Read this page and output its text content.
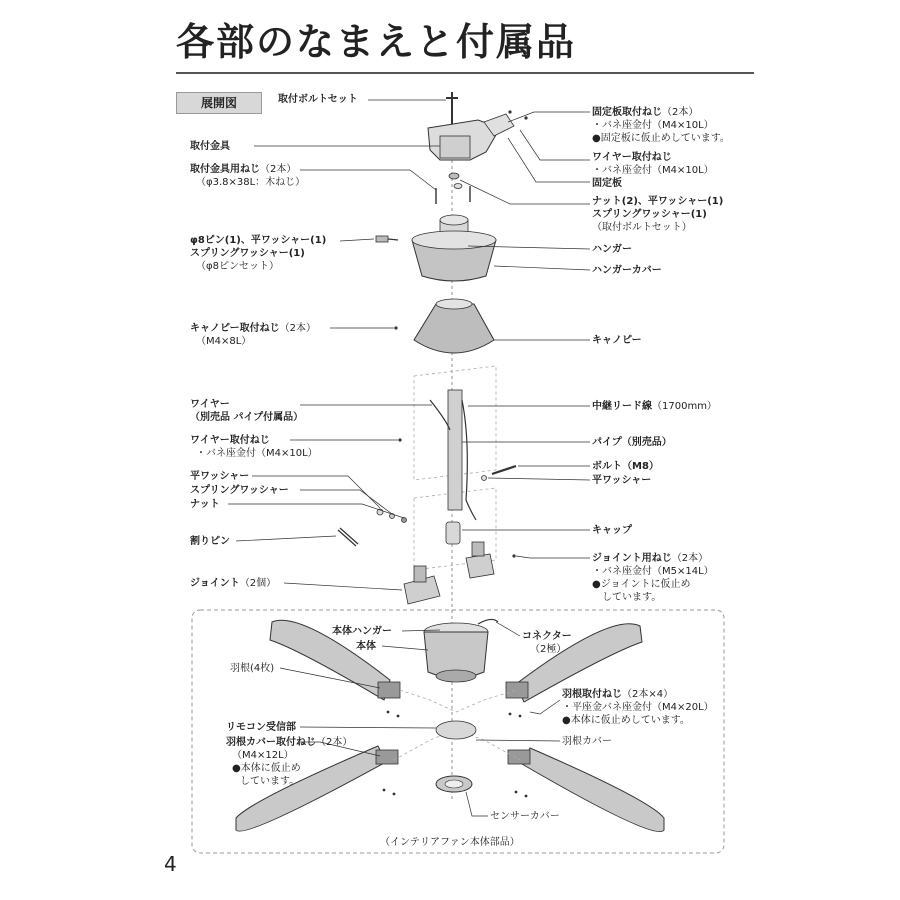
各部のなまえと付属品
展開図	取付ボルトセット
取付金具
取付金具用ねじ（2本）
（φ3.8×38L：木ねじ）
φ8ピン(1)、平ワッシャー(1)
スプリングワッシャー(1)
（φ8ピンセット）
キャノピー取付ねじ（2本）
（M4×8L）
ワイヤー
（別売品 パイプ付属品）
ワイヤー取付ねじ
・バネ座金付（M4×10L）
平ワッシャー
スプリングワッシャー
ナット
割りピン
ジョイント（2個）
固定板取付ねじ（2本）
・バネ座金付（M4×10L）
●固定板に仮止めしています。
ワイヤー取付ねじ
・バネ座金付（M4×10L）
固定板
ナット(2)、平ワッシャー(1)
スプリングワッシャー(1)
（取付ボルトセット）
ハンガー
ハンガーカバー
キャノピー
中継リード線（1700mm）
パイプ（別売品）
ボルト（M8）
平ワッシャー
キャップ
ジョイント用ねじ（2本）
・バネ座金付（M5×14L）
●ジョイントに仮止め
しています。
本体ハンガー
本体
コネクター
（2極）
羽根(4枚)
羽根取付ねじ（2本×4）
・平座金バネ座金付（M4×20L）
●本体に仮止めしています。
リモコン受信部
羽根カバー取付ねじ（2本）
（M4×12L）
●本体に仮止め
しています。
羽根カバー
センサーカバー
（インテリアファン本体部品）
4
